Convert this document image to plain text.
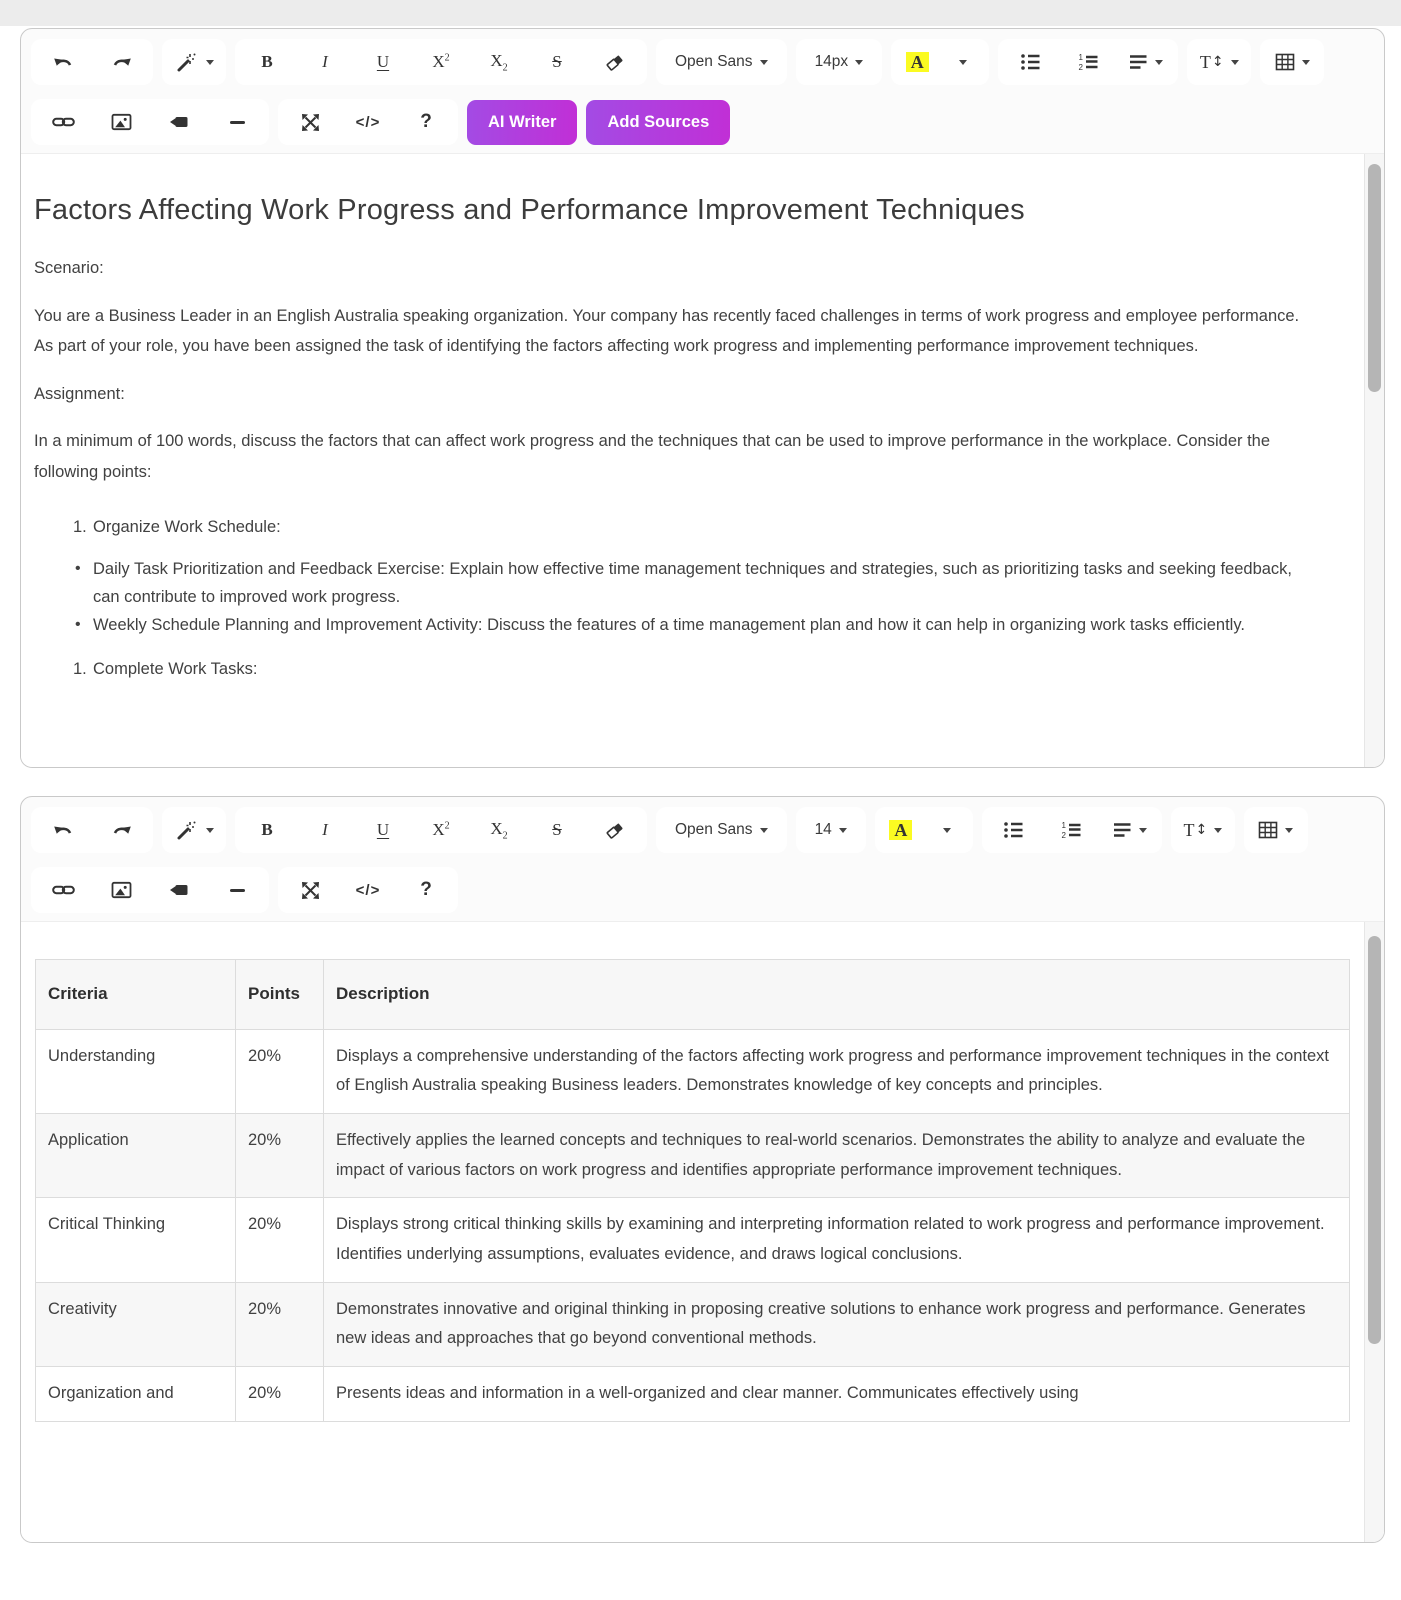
B	I	U	$X^2$ $X_2$	S	Open Sans	14px	A	1
2	T ↕
</> ?	AI Writer	Add Sources
Factors Affecting Work Progress and Performance Improvement Techniques

Scenario:

You are a Business Leader in an English Australia speaking organization. Your company has recently faced challenges in terms of work progress and employee performance. As part of your role, you have been assigned the task of identifying the factors affecting work progress and implementing performance improvement techniques.

Assignment:

In a minimum of 100 words, discuss the factors that can affect work progress and the techniques that can be used to improve performance in the workplace. Consider the following points:

1. Organize Work Schedule:
• Daily Task Prioritization and Feedback Exercise: Explain how effective time management techniques and strategies, such as prioritizing tasks and seeking feedback, can contribute to improved work progress.
• Weekly Schedule Planning and Improvement Activity: Discuss the features of a time management plan and how it can help in organizing work tasks efficiently.
1. Complete Work Tasks:
B	I	U	$X^2$ $X_2$	S	Open Sans	14	A	1
2	T ↕
</> ?
Criteria	Points	Description
Understanding	20%	Displays a comprehensive understanding of the factors affecting work progress and performance improvement techniques in the context of English Australia speaking Business leaders. Demonstrates knowledge of key concepts and principles.
Application	20%	Effectively applies the learned concepts and techniques to real-world scenarios. Demonstrates the ability to analyze and evaluate the impact of various factors on work progress and identifies appropriate performance improvement techniques.
Critical Thinking	20%	Displays strong critical thinking skills by examining and interpreting information related to work progress and performance improvement. Identifies underlying assumptions, evaluates evidence, and draws logical conclusions.
Creativity	20%	Demonstrates innovative and original thinking in proposing creative solutions to enhance work progress and performance. Generates new ideas and approaches that go beyond conventional methods.
Organization and	20%	Presents ideas and information in a well-organized and clear manner. Communicates effectively using
